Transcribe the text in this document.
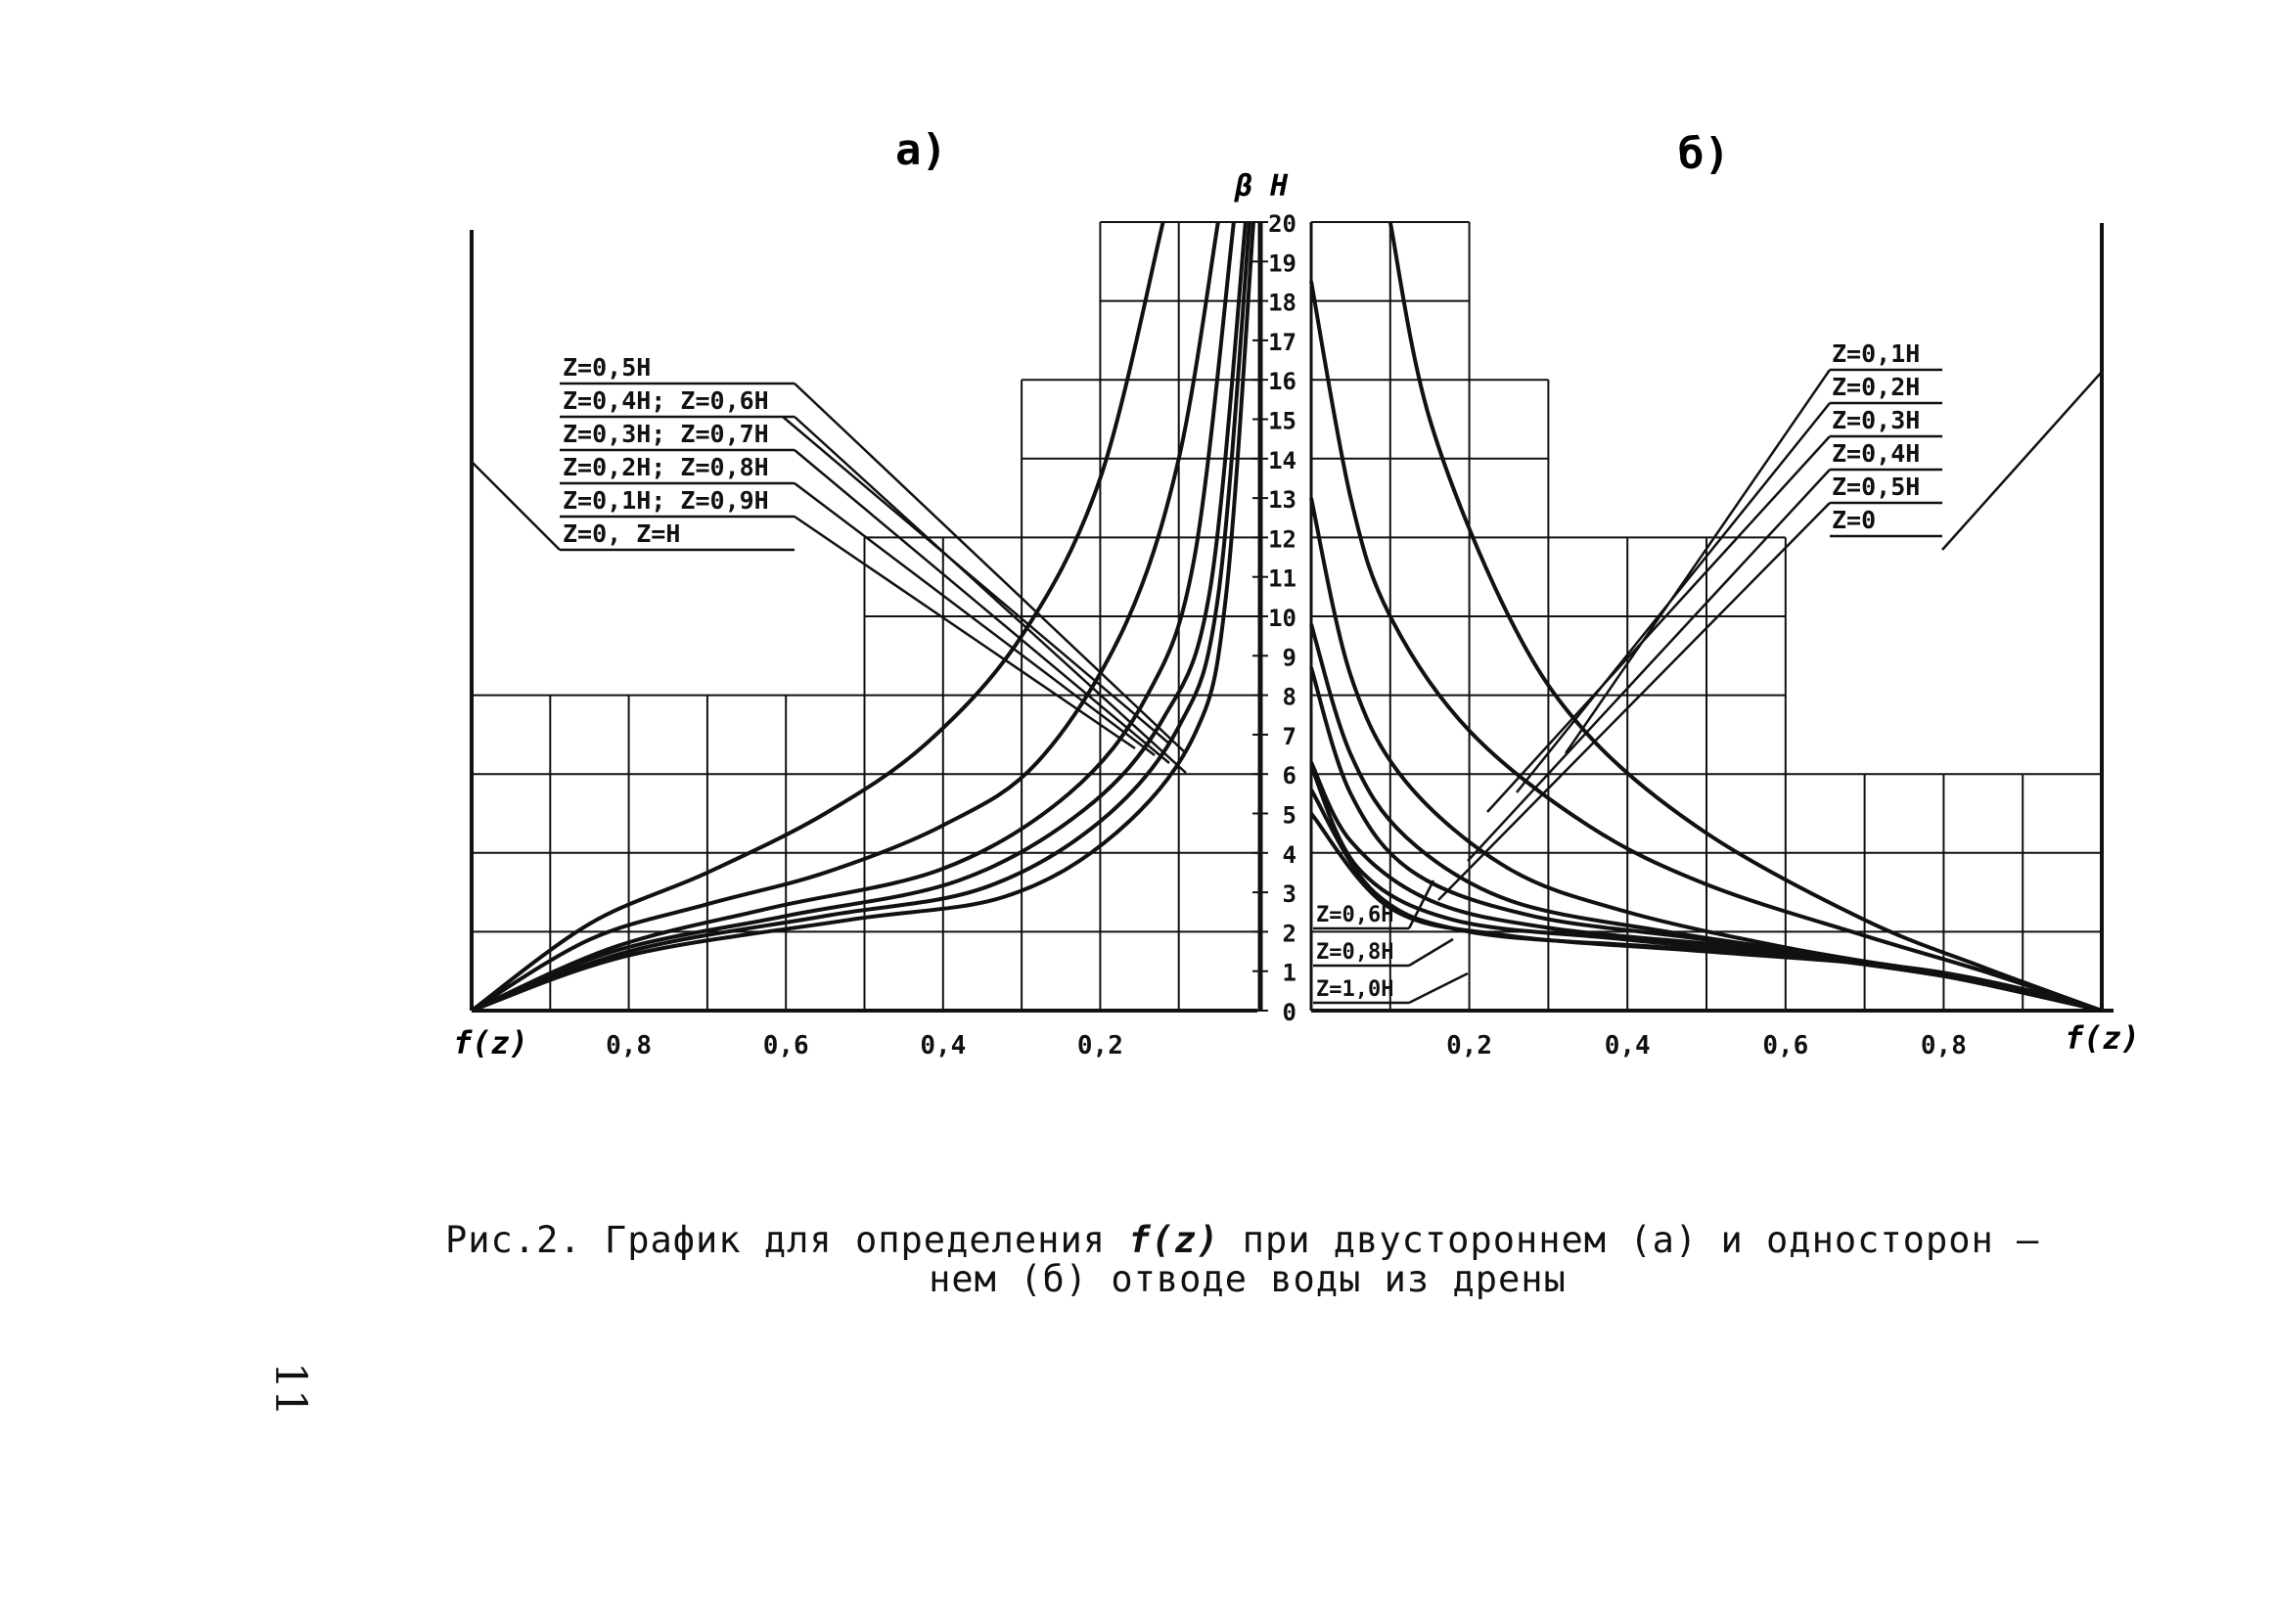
0
1
2
3
4
5
6
7
8
9
10
11
12
13
14
15
16
17
18
19
20
Z=0,5Н
Z=0,4Н; Z=0,6Н
Z=0,3Н; Z=0,7Н
Z=0,2Н; Z=0,8Н
Z=0,1Н; Z=0,9Н
Z=0, Z=Н
Z=0,1Н
Z=0,2Н
Z=0,3Н
Z=0,4Н
Z=0,5Н
Z=0
Z=0,6Н
Z=0,8Н
Z=1,0Н
0,8	0,6	0,4	0,2	0,2	0,4	0,6	0,8
а)	б)
β Н
f(z)	f(z)
Рис.2. График для определения f(z) при двустороннем (а) и односторон –
нем (б) отводе воды из дрены
11
